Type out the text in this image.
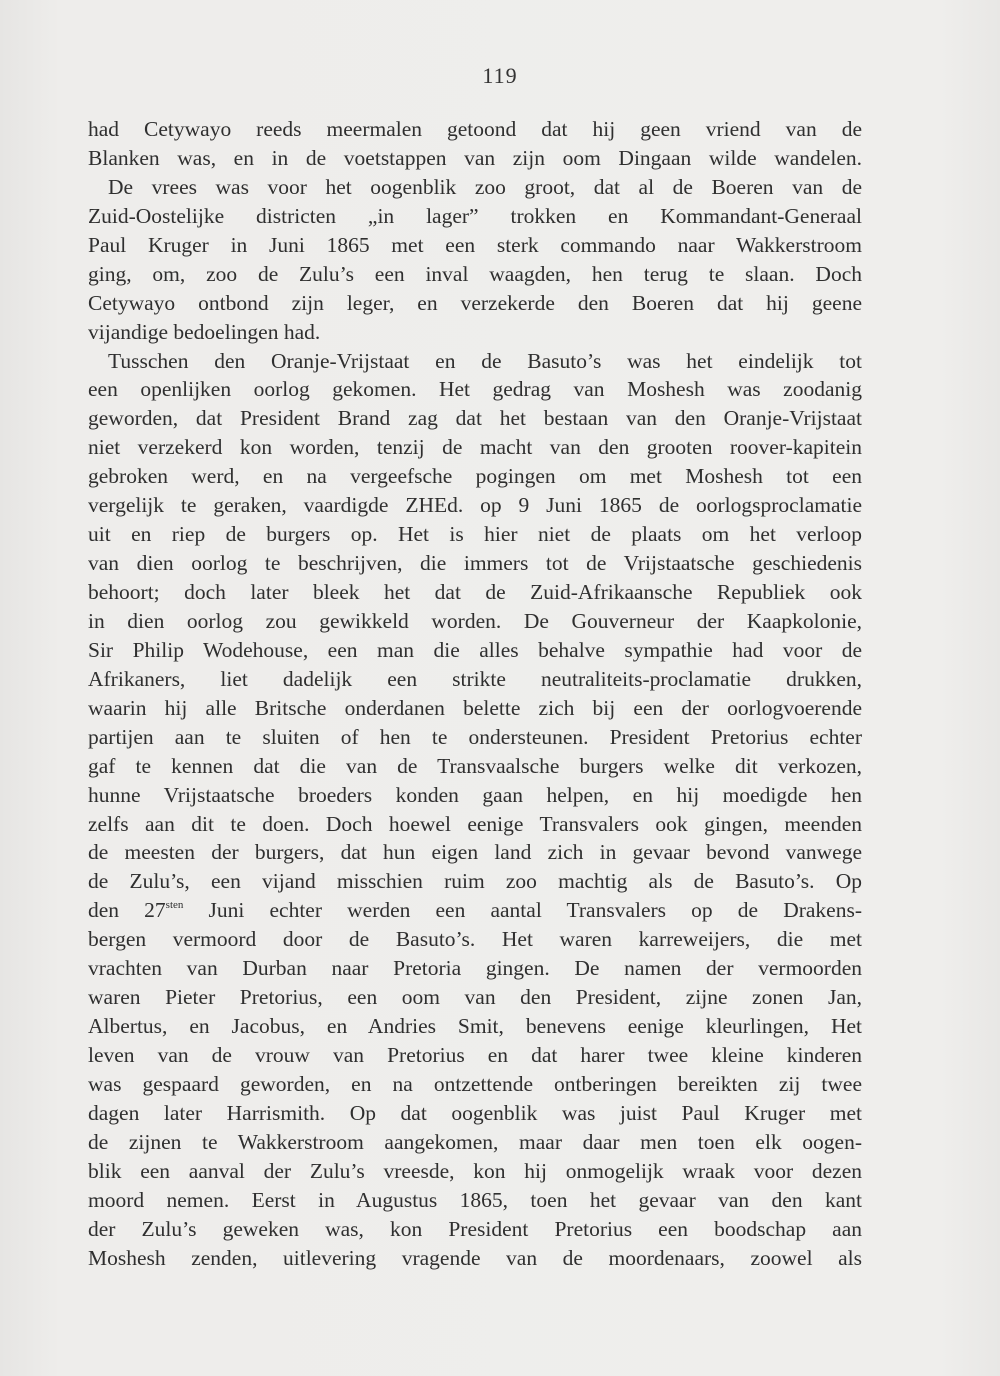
119
had Cetywayo reeds meermalen getoond dat hij geen vriend van de
Blanken was, en in de voetstappen van zijn oom Dingaan wilde wandelen.
De vrees was voor het oogenblik zoo groot, dat al de Boeren van de
Zuid-Oostelijke districten „in lager” trokken en Kommandant-Generaal
Paul Kruger in Juni 1865 met een sterk commando naar Wakkerstroom
ging, om, zoo de Zulu’s een inval waagden, hen terug te slaan. Doch
Cetywayo ontbond zijn leger, en verzekerde den Boeren dat hij geene
vijandige bedoelingen had.
Tusschen den Oranje-Vrijstaat en de Basuto’s was het eindelijk tot
een openlijken oorlog gekomen. Het gedrag van Moshesh was zoodanig
geworden, dat President Brand zag dat het bestaan van den Oranje-Vrijstaat
niet verzekerd kon worden, tenzij de macht van den grooten roover-kapitein
gebroken werd, en na vergeefsche pogingen om met Moshesh tot een
vergelijk te geraken, vaardigde ZHEd. op 9 Juni 1865 de oorlogsproclamatie
uit en riep de burgers op. Het is hier niet de plaats om het verloop
van dien oorlog te beschrijven, die immers tot de Vrijstaatsche geschiedenis
behoort; doch later bleek het dat de Zuid-Afrikaansche Republiek ook
in dien oorlog zou gewikkeld worden. De Gouverneur der Kaapkolonie,
Sir Philip Wodehouse, een man die alles behalve sympathie had voor de
Afrikaners, liet dadelijk een strikte neutraliteits-proclamatie drukken,
waarin hij alle Britsche onderdanen belette zich bij een der oorlogvoerende
partijen aan te sluiten of hen te ondersteunen. President Pretorius echter
gaf te kennen dat die van de Transvaalsche burgers welke dit verkozen,
hunne Vrijstaatsche broeders konden gaan helpen, en hij moedigde hen
zelfs aan dit te doen. Doch hoewel eenige Transvalers ook gingen, meenden
de meesten der burgers, dat hun eigen land zich in gevaar bevond vanwege
de Zulu’s, een vijand misschien ruim zoo machtig als de Basuto’s. Op
den $27^{sten}$ Juni echter werden een aantal Transvalers op de Drakens-
bergen vermoord door de Basuto’s. Het waren karreweijers, die met
vrachten van Durban naar Pretoria gingen. De namen der vermoorden
waren Pieter Pretorius, een oom van den President, zijne zonen Jan,
Albertus, en Jacobus, en Andries Smit, benevens eenige kleurlingen, Het
leven van de vrouw van Pretorius en dat harer twee kleine kinderen
was gespaard geworden, en na ontzettende ontberingen bereikten zij twee
dagen later Harrismith. Op dat oogenblik was juist Paul Kruger met
de zijnen te Wakkerstroom aangekomen, maar daar men toen elk oogen-
blik een aanval der Zulu’s vreesde, kon hij onmogelijk wraak voor dezen
moord nemen. Eerst in Augustus 1865, toen het gevaar van den kant
der Zulu’s geweken was, kon President Pretorius een boodschap aan
Moshesh zenden, uitlevering vragende van de moordenaars, zoowel als
